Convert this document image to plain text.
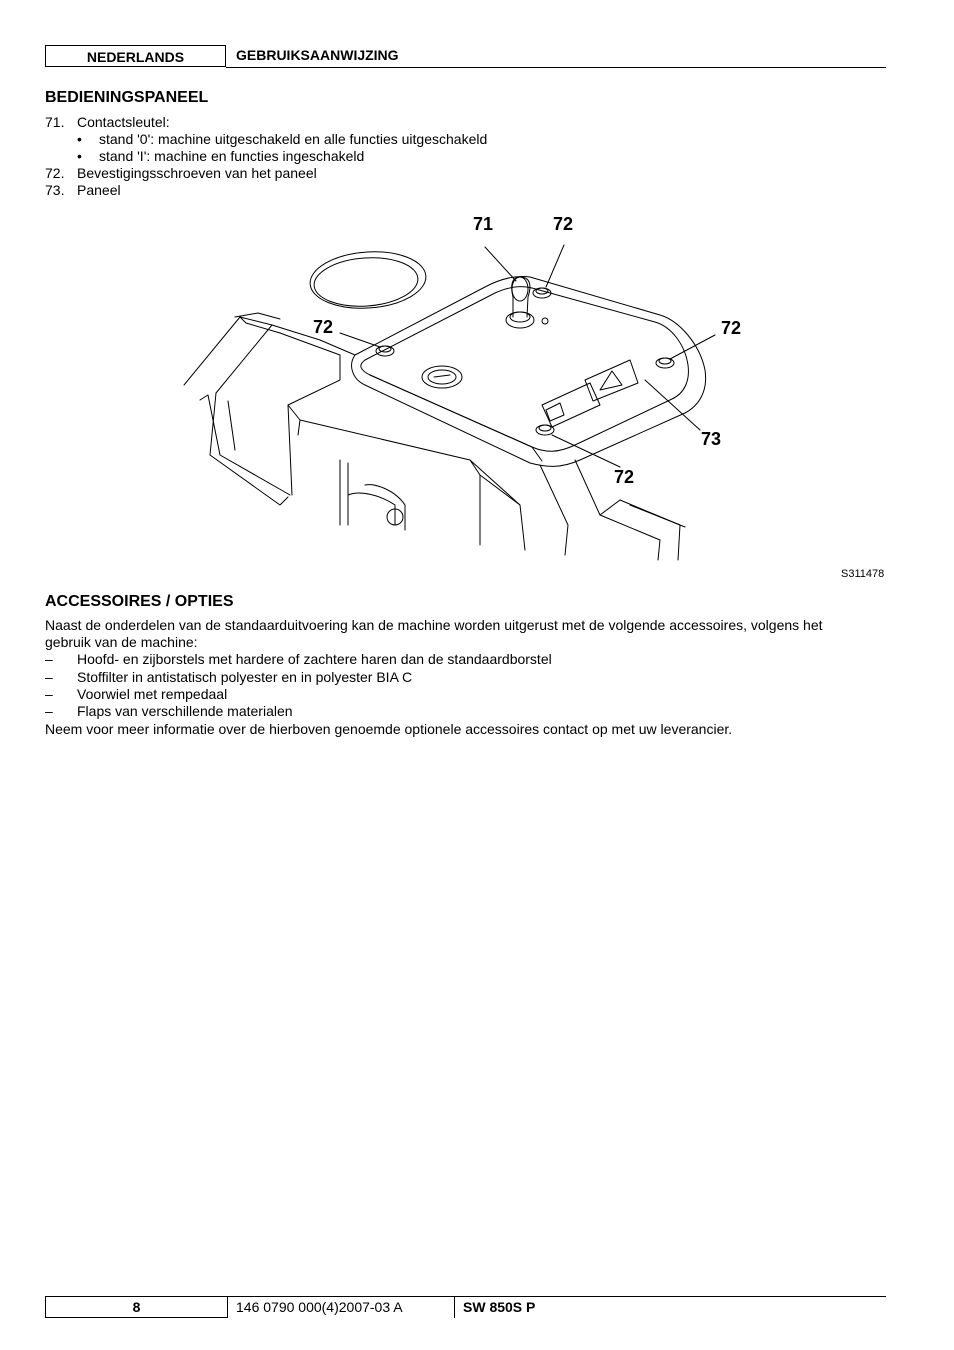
NEDERLANDS	GEBRUIKSAANWIJZING
BEDIENINGSPANEEL
71. Contactsleutel:
• stand '0': machine uitgeschakeld en alle functies uitgeschakeld
• stand 'I': machine en functies ingeschakeld
72. Bevestigingsschroeven van het paneel
73. Paneel
71	72
72	72
73
72
S311478
ACCESSOIRES / OPTIES
Naast de onderdelen van de standaarduitvoering kan de machine worden uitgerust met de volgende accessoires, volgens het
gebruik van de machine:
– Hoofd- en zijborstels met hardere of zachtere haren dan de standaardborstel
– Stoffilter in antistatisch polyester en in polyester BIA C
– Voorwiel met rempedaal
– Flaps van verschillende materialen
Neem voor meer informatie over de hierboven genoemde optionele accessoires contact op met uw leverancier.
8	146 0790 000(4)2007-03 A	SW 850S P
